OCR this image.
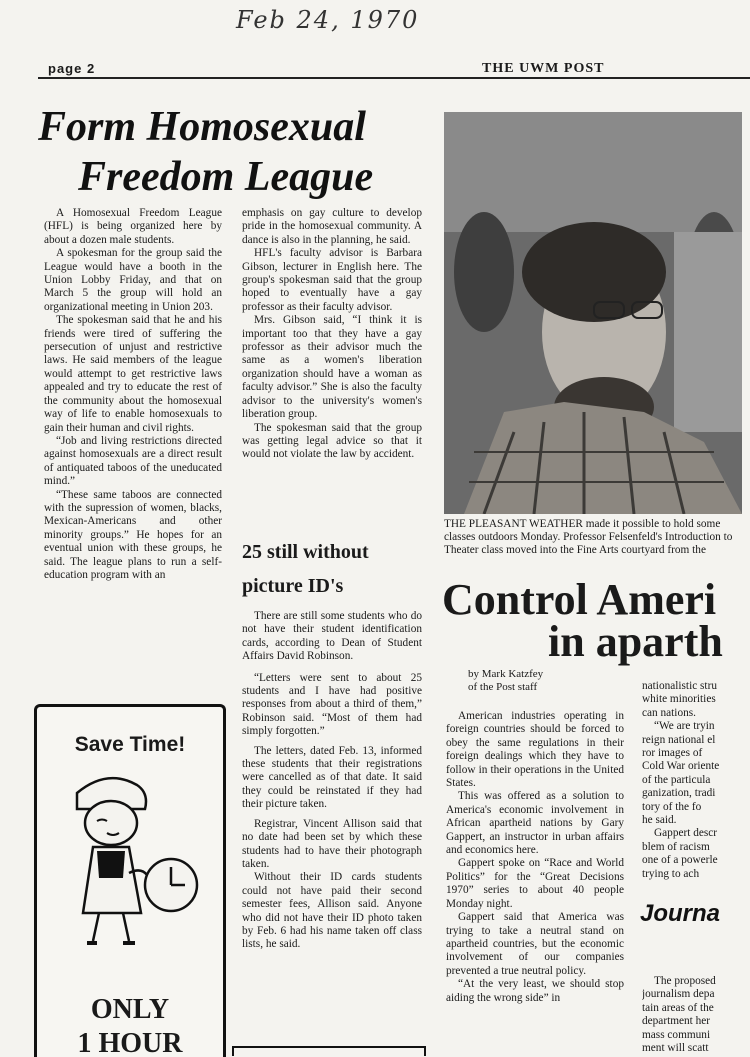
Feb 24, 1970
page 2	THE UWM POST
Form Homosexual
Freedom League

A Homosexual Freedom League (HFL) is being organized here by about a dozen male students.

A spokesman for the group said the League would have a booth in the Union Lobby Friday, and that on March 5 the group will hold an organizational meeting in Union 203.

The spokesman said that he and his friends were tired of suffering the persecution of unjust and restrictive laws. He said members of the league would attempt to get restrictive laws appealed and try to educate the rest of the community about the homosexual way of life to enable homosexuals to gain their human and civil rights.

“Job and living restrictions directed against homosexuals are a direct result of antiquated taboos of the uneducated mind.”

“These same taboos are connected with the supression of women, blacks, Mexican-Americans and other minority groups.” He hopes for an eventual union with these groups, he said. The league plans to run a self-education program with an

emphasis on gay culture to develop pride in the homosexual community. A dance is also in the planning, he said.

HFL's faculty advisor is Barbara Gibson, lecturer in English here. The group's spokesman said that the group hoped to eventually have a gay professor as their faculty advisor.

Mrs. Gibson said, “I think it is important too that they have a gay professor as their advisor much the same as a women's liberation organization should have a woman as faculty advisor.” She is also the faculty advisor to the university's women's liberation group.

The spokesman said that the group was getting legal advice so that it would not violate the law by accident.

25 still without
picture ID's

There are still some students who do not have their student identification cards, according to Dean of Student Affairs David Robinson.

“Letters were sent to about 25 students and I have had positive responses from about a third of them,” Robinson said. “Most of them had simply forgotten.”

The letters, dated Feb. 13, informed these students that their registrations were cancelled as of that date. It said they could be reinstated if they had their picture taken.

Registrar, Vincent Allison said that no date had been set by which these students had to have their photograph taken.

Without their ID cards students could not have paid their second semester fees, Allison said. Anyone who did not have their ID photo taken by Feb. 6 had his name taken off class lists, he said.

THE PLEASANT WEATHER made it possible to hold some classes outdoors Monday. Professor Felsenfeld's Introduction to Theater class moved into the Fine Arts courtyard from the
Control Ameri
in aparth
by Mark Katzfey
of the Post staff

American industries operating in foreign countries should be forced to obey the same regulations in their foreign dealings which they have to follow in their operations in the United States.

This was offered as a solution to America's economic involvement in African apartheid nations by Gary Gappert, an instructor in urban affairs and economics here.

Gappert spoke on “Race and World Politics” for the “Great Decisions 1970” series to about 40 people Monday night.

Gappert said that America was trying to take a neutral stand on apartheid countries, but the economic involvement of our companies prevented a true neutral policy.

“At the very least, we should stop aiding the wrong side” in

nationalistic stru
white minorities
can nations.
“We are tryin
reign national el
ror images of
Cold War oriente
of the particula
ganization, tradi
tory of the fo
he said.
Gappert descr
blem of racism
one of a powerle
trying to ach
Journa
The proposed
journalism depa
tain areas of the
department her
mass communi
ment will scatt
Save Time!
ONLY
1 HOUR
